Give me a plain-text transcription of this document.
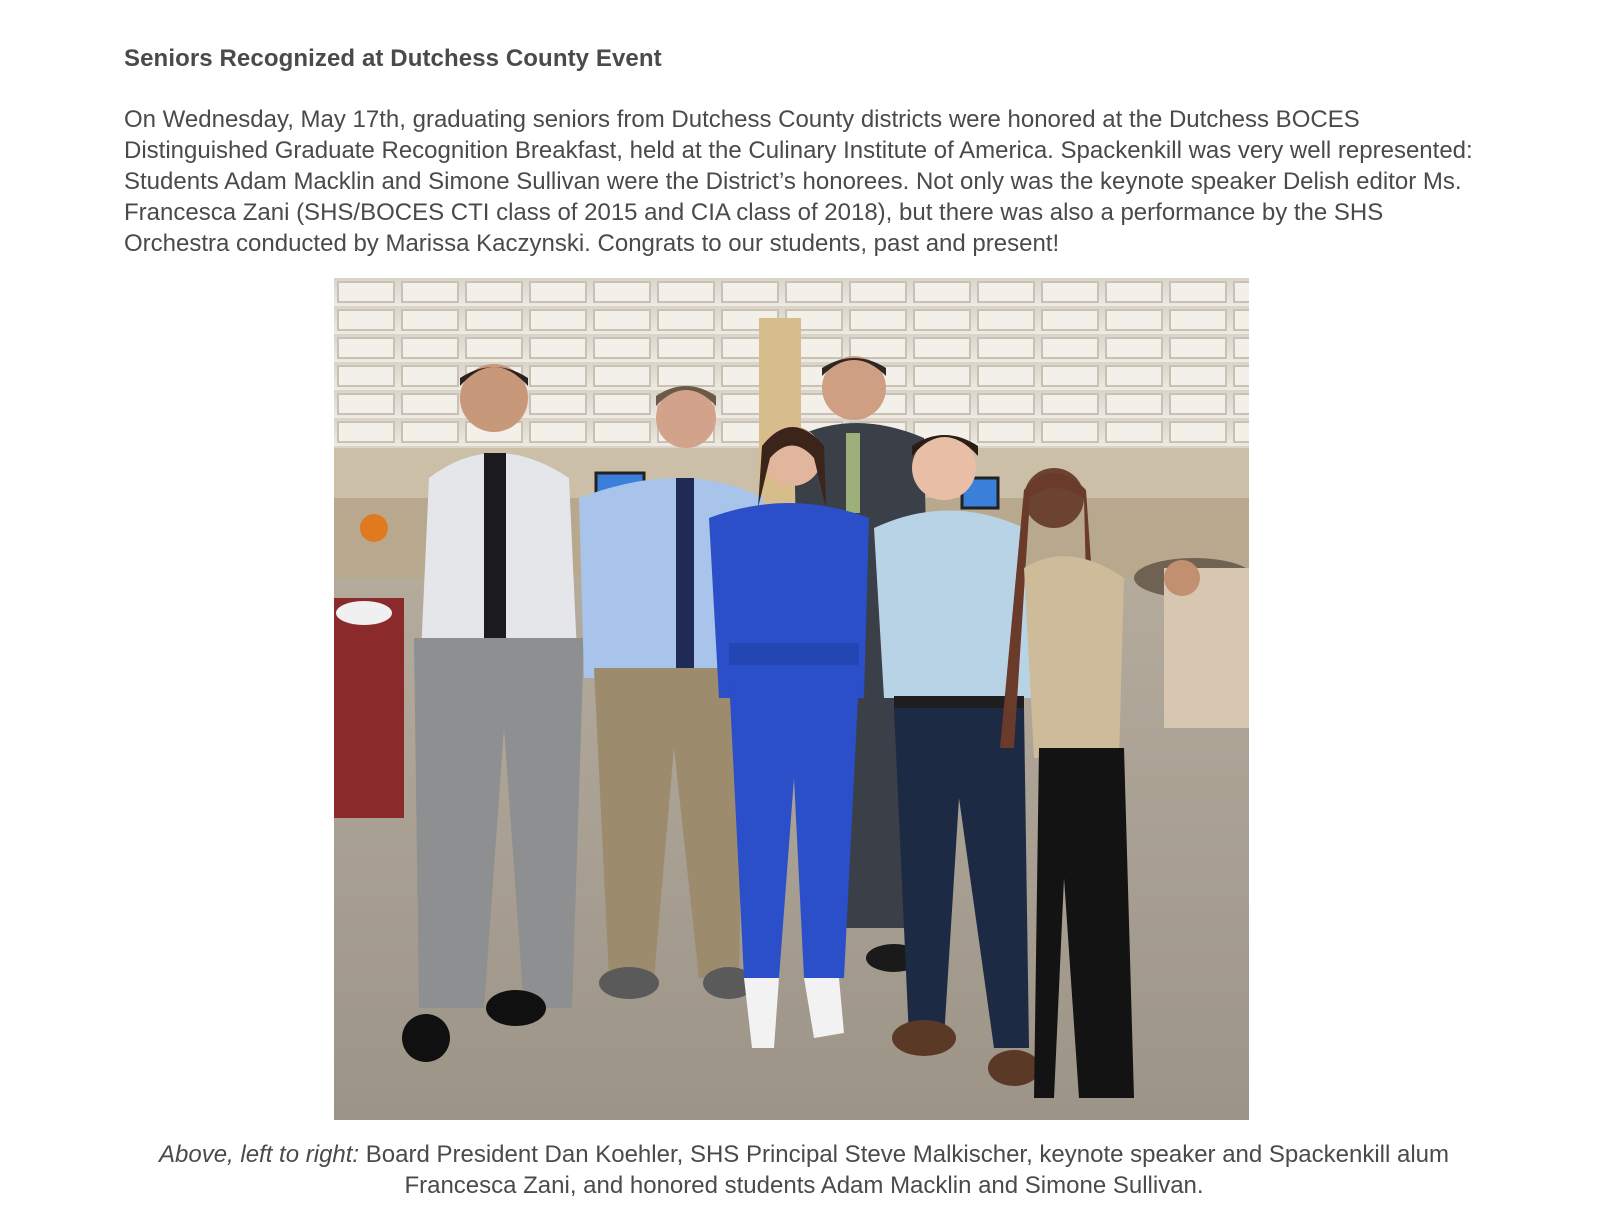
Seniors Recognized at Dutchess County Event

On Wednesday, May 17th, graduating seniors from Dutchess County districts were honored at the Dutchess BOCES Distinguished Graduate Recognition Breakfast, held at the Culinary Institute of America. Spackenkill was very well represented: Students Adam Macklin and Simone Sullivan were the District’s honorees. Not only was the keynote speaker Delish editor Ms. Francesca Zani (SHS/BOCES CTI class of 2015 and CIA class of 2018), but there was also a performance by the SHS Orchestra conducted by Marissa Kaczynski. Congrats to our students, past and present!

Above, left to right: Board President Dan Koehler, SHS Principal Steve Malkischer, keynote speaker and Spackenkill alum Francesca Zani, and honored students Adam Macklin and Simone Sullivan.
